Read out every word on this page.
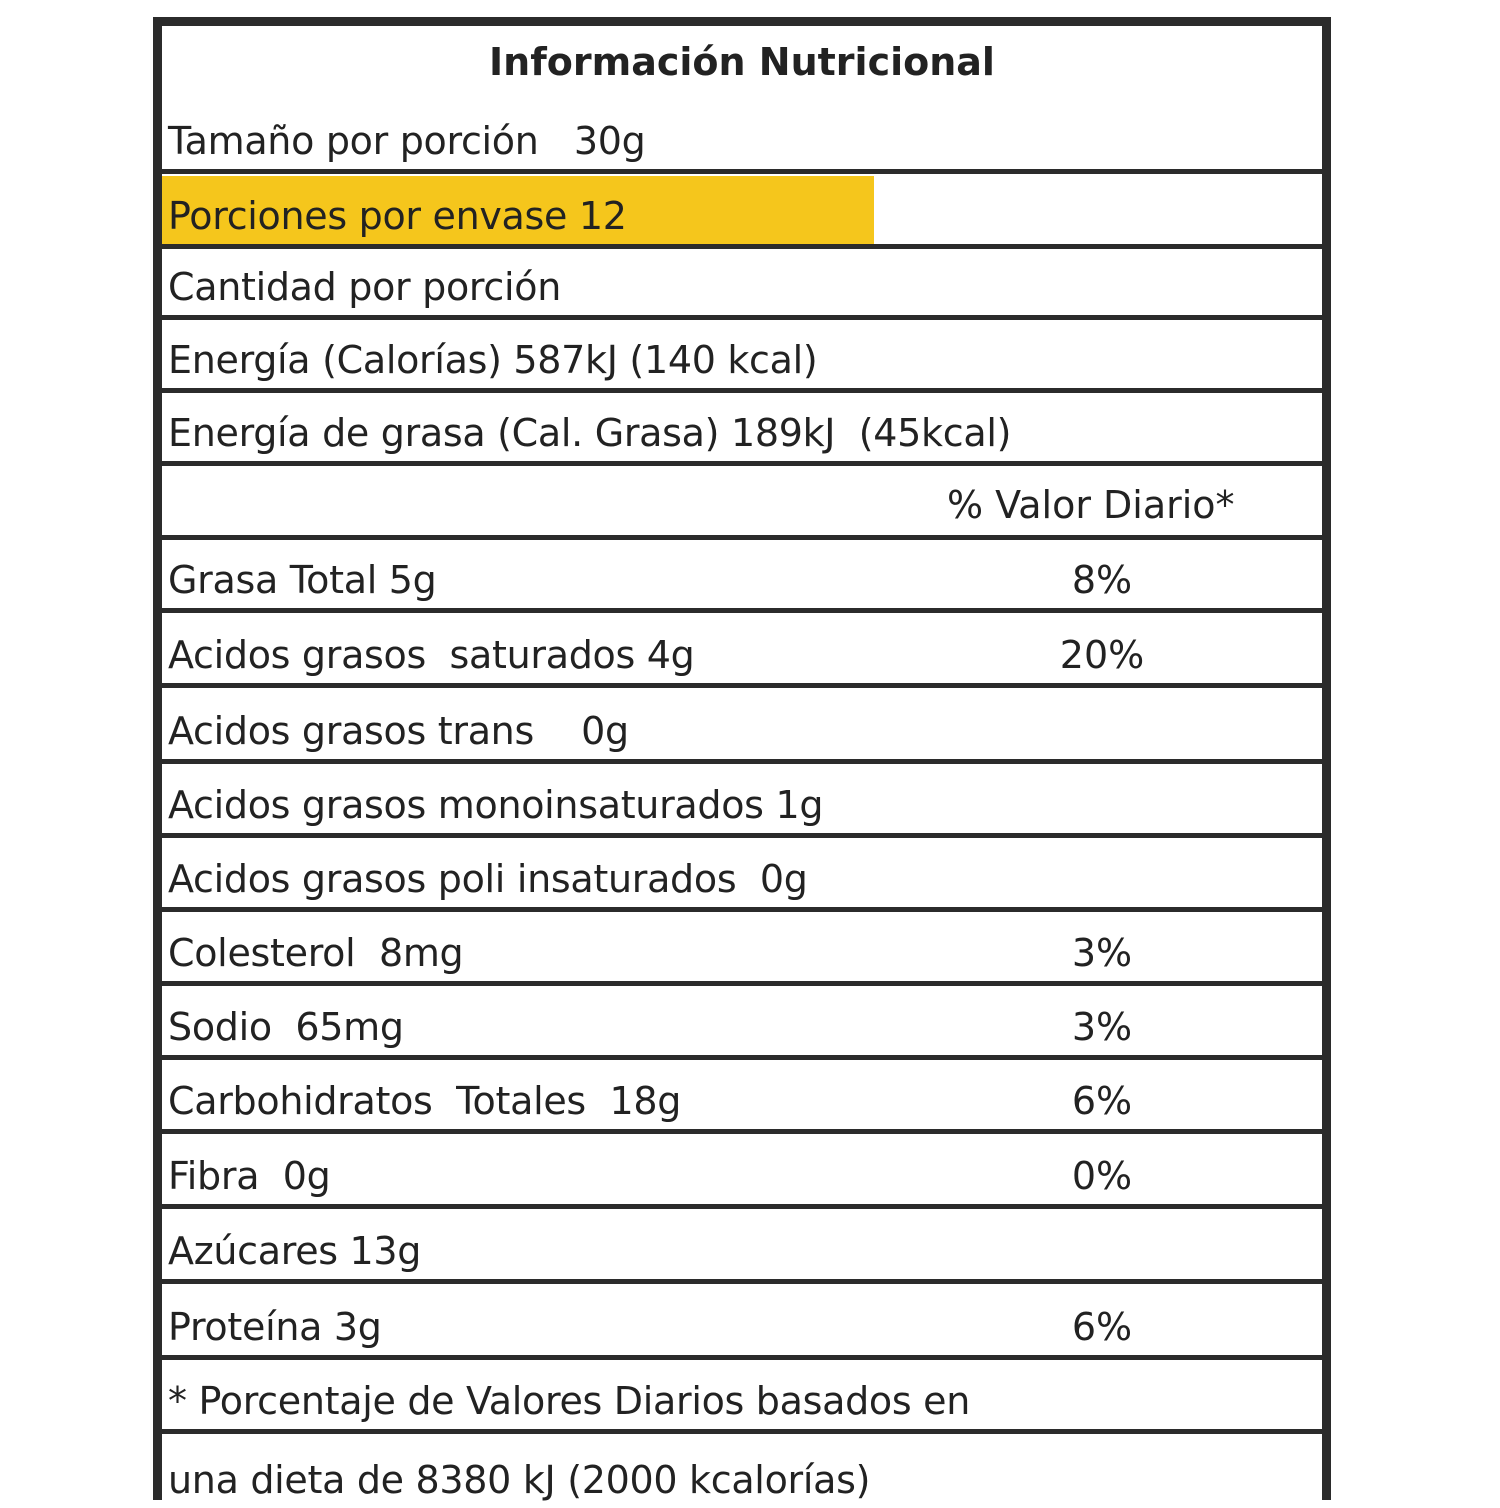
Información Nutricional
Tamaño por porción   30g
Porciones por envase 12
Cantidad por porción
Energía (Calorías) 587kJ (140 kcal)
Energía de grasa (Cal. Grasa) 189kJ  (45kcal)
% Valor Diario*
Grasa Total 5g	8%
Acidos grasos  saturados 4g	20%
Acidos grasos trans    0g
Acidos grasos monoinsaturados 1g
Acidos grasos poli insaturados  0g
Colesterol  8mg	3%
Sodio  65mg	3%
Carbohidratos  Totales  18g	6%
Fibra  0g	0%
Azúcares 13g
Proteína 3g	6%
* Porcentaje de Valores Diarios basados en
una dieta de 8380 kJ (2000 kcalorías)
